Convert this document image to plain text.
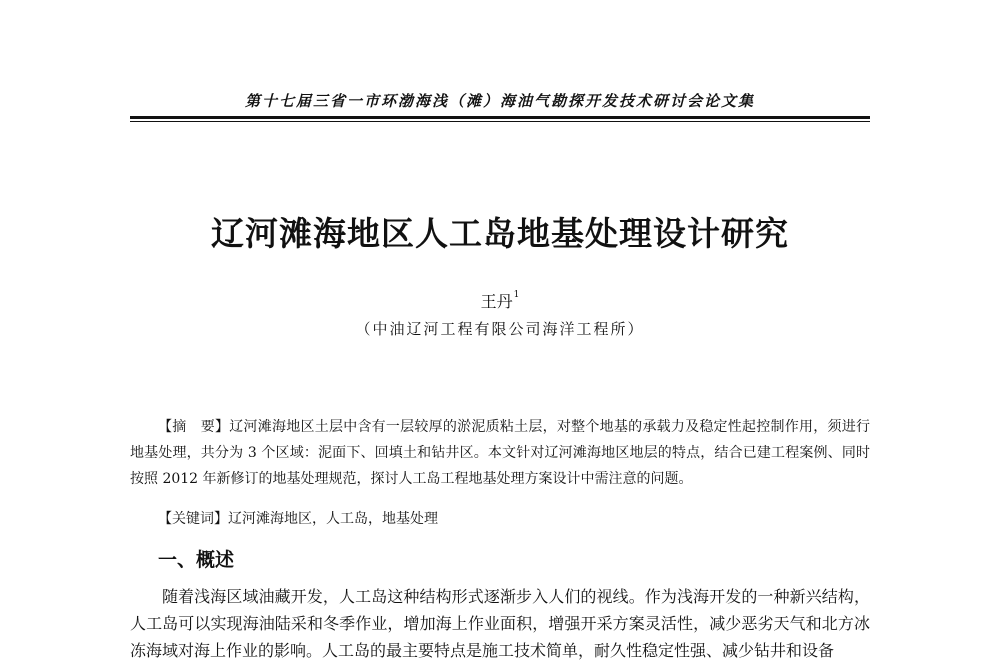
第十七届三省一市环渤海浅（滩）海油气勘探开发技术研讨会论文集
辽河滩海地区人工岛地基处理设计研究
王丹$^1$
（中油辽河工程有限公司海洋工程所）

【摘　要】辽河滩海地区土层中含有一层较厚的淤泥质粘土层，对整个地基的承载力及稳定性起控制作用，须进行地基处理，共分为 3 个区域：泥面下、回填土和钻井区。本文针对辽河滩海地区地层的特点，结合已建工程案例、同时按照 2012 年新修订的地基处理规范，探讨人工岛工程地基处理方案设计中需注意的问题。

【关键词】辽河滩海地区，人工岛，地基处理

一、概述

随着浅海区域油藏开发，人工岛这种结构形式逐渐步入人们的视线。作为浅海开发的一种新兴结构，人工岛可以实现海油陆采和冬季作业，增加海上作业面积，增强开采方案灵活性，减少恶劣天气和北方冰冻海域对海上作业的影响。人工岛的最主要特点是施工技术简单，耐久性稳定性强、减少钻井和设备
